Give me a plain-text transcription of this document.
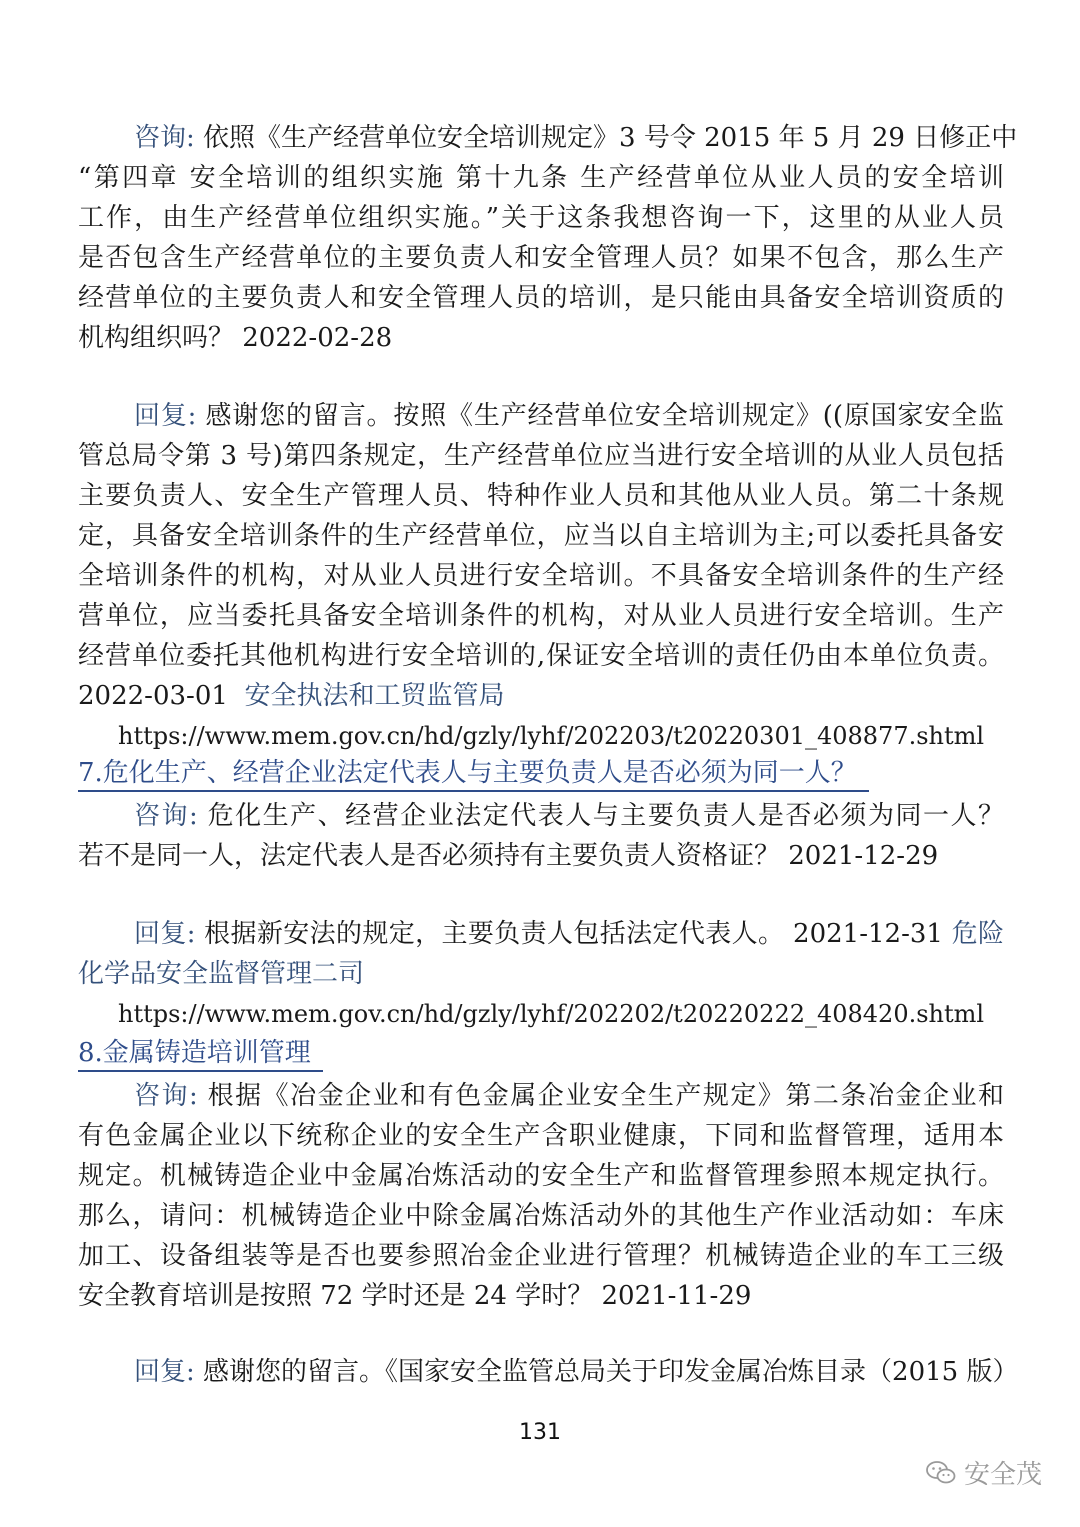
咨询: 依照《生产经营单位安全培训规定》3 号令 2015 年 5 月 29 日修正中
“第四章 安全培训的组织实施 第十九条 生产经营单位从业人员的安全培训
工作，由生产经营单位组织实施。”关于这条我想咨询一下，这里的从业人员
是否包含生产经营单位的主要负责人和安全管理人员？如果不包含，那么生产
经营单位的主要负责人和安全管理人员的培训，是只能由具备安全培训资质的
机构组织吗？ 2022-02-28
回复: 感谢您的留言。按照《生产经营单位安全培训规定》((原国家安全监
管总局令第 3 号)第四条规定，生产经营单位应当进行安全培训的从业人员包括
主要负责人、安全生产管理人员、特种作业人员和其他从业人员。第二十条规
定，具备安全培训条件的生产经营单位，应当以自主培训为主;可以委托具备安
全培训条件的机构，对从业人员进行安全培训。不具备安全培训条件的生产经
营单位，应当委托具备安全培训条件的机构，对从业人员进行安全培训。生产
经营单位委托其他机构进行安全培训的,保证安全培训的责任仍由本单位负责。
2022-03-01 安全执法和工贸监管局
https://www.mem.gov.cn/hd/gzly/lyhf/202203/t20220301_408877.shtml
7.危化生产、经营企业法定代表人与主要负责人是否必须为同一人？
咨询: 危化生产、经营企业法定代表人与主要负责人是否必须为同一人？
若不是同一人，法定代表人是否必须持有主要负责人资格证？ 2021-12-29
回复: 根据新安法的规定，主要负责人包括法定代表人。 2021-12-31 危险
化学品安全监督管理二司
https://www.mem.gov.cn/hd/gzly/lyhf/202202/t20220222_408420.shtml
8.金属铸造培训管理
咨询: 根据《冶金企业和有色金属企业安全生产规定》第二条冶金企业和
有色金属企业以下统称企业的安全生产含职业健康，下同和监督管理，适用本
规定。机械铸造企业中金属冶炼活动的安全生产和监督管理参照本规定执行。
那么，请问：机械铸造企业中除金属冶炼活动外的其他生产作业活动如：车床
加工、设备组装等是否也要参照冶金企业进行管理？机械铸造企业的车工三级
安全教育培训是按照 72 学时还是 24 学时？ 2021-11-29
回复: 感谢您的留言。《国家安全监管总局关于印发金属冶炼目录（2015 版）
131
安全茂
